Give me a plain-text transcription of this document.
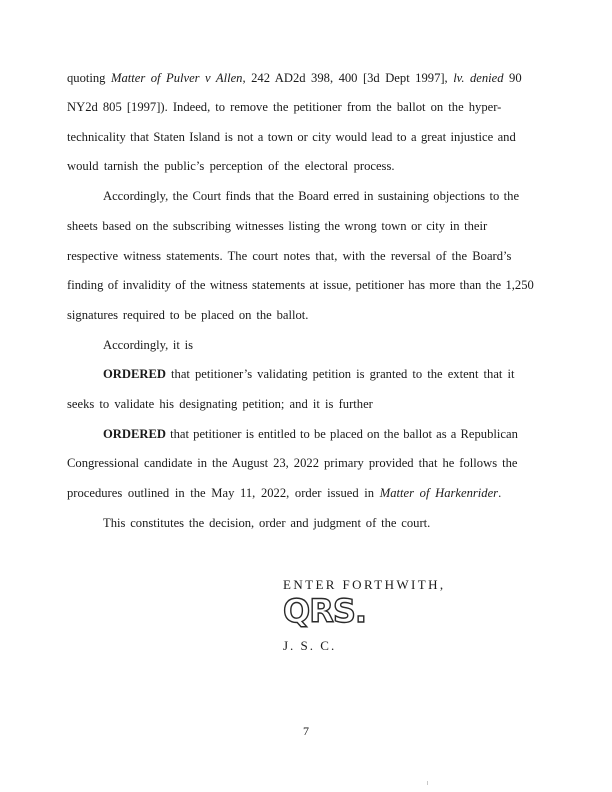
quoting Matter of Pulver v Allen, 242 AD2d 398, 400 [3d Dept 1997], lv. denied 90
NY2d 805 [1997]). Indeed, to remove the petitioner from the ballot on the hyper-
technicality that Staten Island is not a town or city would lead to a great injustice and
would tarnish the public’s perception of the electoral process.
Accordingly, the Court finds that the Board erred in sustaining objections to the
sheets based on the subscribing witnesses listing the wrong town or city in their
respective witness statements. The court notes that, with the reversal of the Board’s
finding of invalidity of the witness statements at issue, petitioner has more than the 1,250
signatures required to be placed on the ballot.
Accordingly, it is
ORDERED that petitioner’s validating petition is granted to the extent that it
seeks to validate his designating petition; and it is further
ORDERED that petitioner is entitled to be placed on the ballot as a Republican
Congressional candidate in the August 23, 2022 primary provided that he follows the
procedures outlined in the May 11, 2022, order issued in Matter of Harkenrider.
This constitutes the decision, order and judgment of the court.
ENTER FORTHWITH,
QRS.
J. S. C.
7
